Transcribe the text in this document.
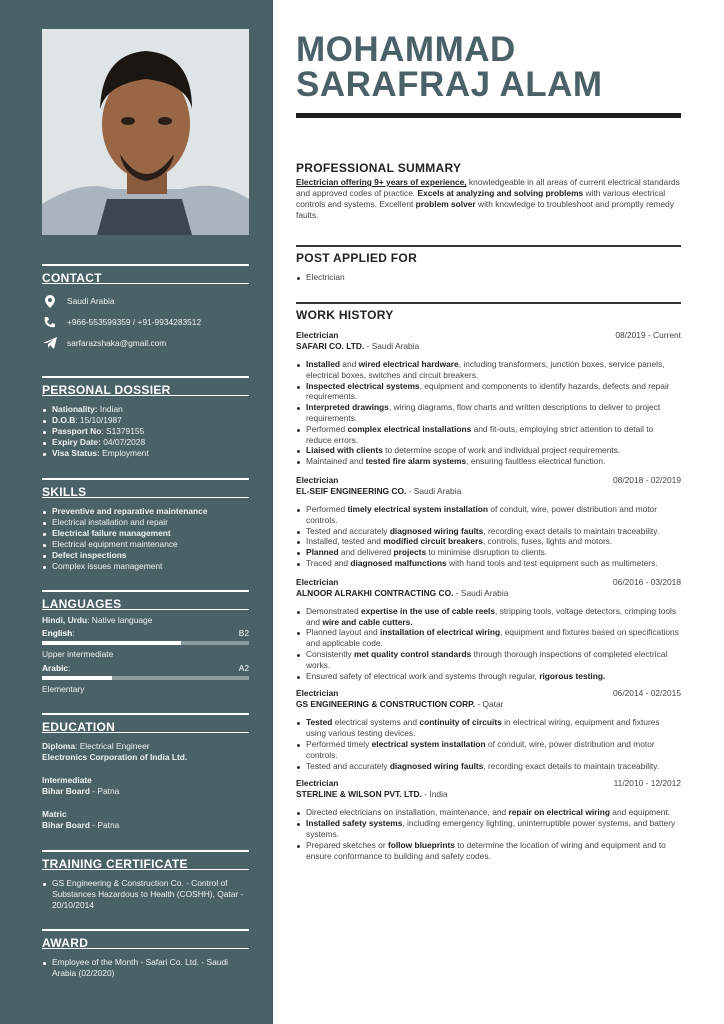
CONTACT
Saudi Arabia
+966-553599359 / +91-9934283512
sarfarazshaka@gmail.com
PERSONAL DOSSIER
Nationality: Indian
D.O.B: 15/10/1987
Passport No: S1379155
Expiry Date: 04/07/2028
Visa Status: Employment
SKILLS
Preventive and reparative maintenance
Electrical installation and repair
Electrical failure management
Electrical equipment maintenance
Defect inspections
Complex issues management
LANGUAGES
Hindi, Urdu: Native language
English:	B2
Upper intermediate
Arabic:	A2
Elementary
EDUCATION
Diploma: Electrical Engineer
Electronics Corporation of India Ltd.
Intermediate
Bihar Board - Patna
Matric
Bihar Board - Patna
TRAINING CERTIFICATE
GS Engineering & Construction Co. - Control of Substances Hazardous to Health (COSHH), Qatar - 20/10/2014
AWARD
Employee of the Month - Safari Co. Ltd. - Saudi Arabia (02/2020)
MOHAMMAD
SARAFRAJ ALAM
PROFESSIONAL SUMMARY
Electrician offering 9+ years of experience, knowledgeable in all areas of current electrical standards and approved codes of practice. Excels at analyzing and solving problems with various electrical controls and systems. Excellent problem solver with knowledge to troubleshoot and promptly remedy faults.
POST APPLIED FOR
Electrician
WORK HISTORY
Electrician	08/2019 - Current
SAFARI CO. LTD. - Saudi Arabia
Installed and wired electrical hardware, including transformers, junction boxes, service panels, electrical boxes, switches and circuit breakers.
Inspected electrical systems, equipment and components to identify hazards, defects and repair requirements.
Interpreted drawings, wiring diagrams, flow charts and written descriptions to deliver to project requirements.
Performed complex electrical installations and fit-outs, employing strict attention to detail to reduce errors.
Liaised with clients to determine scope of work and individual project requirements.
Maintained and tested fire alarm systems, ensuring faultless electrical function.
Electrician	08/2018 - 02/2019
EL-SEIF ENGINEERING CO. - Saudi Arabia
Performed timely electrical system installation of conduit, wire, power distribution and motor controls.
Tested and accurately diagnosed wiring faults, recording exact details to maintain traceability.
Installed, tested and modified circuit breakers, controls, fuses, lights and motors.
Planned and delivered projects to minimise disruption to clients.
Traced and diagnosed malfunctions with hand tools and test equipment such as multimeters.
Electrician	06/2016 - 03/2018
ALNOOR ALRAKHI CONTRACTING CO. - Saudi Arabia
Demonstrated expertise in the use of cable reels, stripping tools, voltage detectors, crimping tools and wire and cable cutters.
Planned layout and installation of electrical wiring, equipment and fixtures based on specifications and applicable code.
Consistently met quality control standards through thorough inspections of completed electrical works.
Ensured safety of electrical work and systems through regular, rigorous testing.
Electrician	06/2014 - 02/2015
GS ENGINEERING & CONSTRUCTION CORP. - Qatar
Tested electrical systems and continuity of circuits in electrical wiring, equipment and fixtures using various testing devices.
Performed timely electrical system installation of conduit, wire, power distribution and motor controls.
Tested and accurately diagnosed wiring faults, recording exact details to maintain traceability.
Electrician	11/2010 - 12/2012
STERLINE & WILSON PVT. LTD. - India
Directed electricians on installation, maintenance, and repair on electrical wiring and equipment.
Installed safety systems, including emergency lighting, uninterruptible power systems, and battery systems.
Prepared sketches or follow blueprints to determine the location of wiring and equipment and to ensure conformance to building and safety codes.
